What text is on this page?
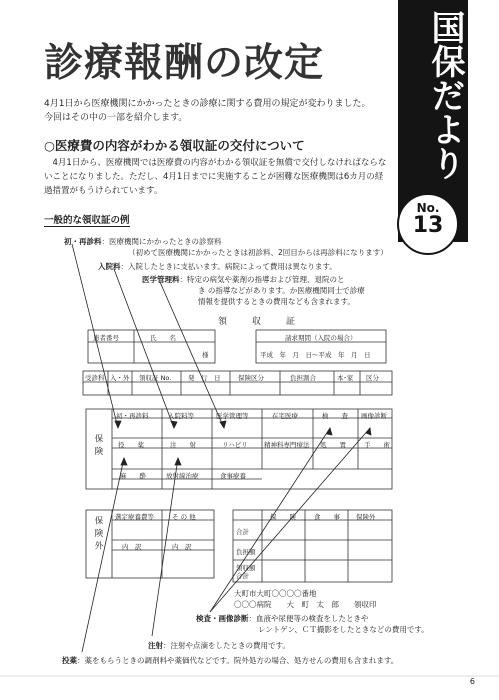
診療報酬の改定	国保だより
No.
13
4月1日から医療機関にかかったときの診療に関する費用の規定が変わりました。
今回はその中の一部を紹介します。
○医療費の内容がわかる領収証の交付について
　4月1日から、医療機関では医療費の内容がわかる領収証を無償で交付しなければならないことになりました。ただし、4月1日までに実施することが困難な医療機関は6カ月の経過措置がもうけられています。
一般的な領収証の例
初・再診料：医療機関にかかったときの診察料
（初めて医療機関にかかったときは初診料、2回目からは再診料になります）
入院料：入院したときに支払います。病院によって費用は異なります。
医学管理料：特定の病気や薬剤の指導および管理、退院のと
き の指導などがあります。か医療機関同士で診療
情報を提供するときの費用なども含まれます。
領　収　証
患者番号	氏　　名
様
請求期間（入院の場合）
平成　年　月　日〜平成　年　月　日
受診科 入・外 領収証 No.	発　行　日	保険区分	負担割合	本･家 区分
保険
初・再診料	入院料等	医学管理等	在宅医療	検　　査 画像診断
投　　薬	注　　射	リハビリ 精神科専門療法 処　　置	手　　術
麻　　酔	放射線治療	食事療養
保険外 選定療養費等	そ の 他
内　訳	内　訳
保　　険	食　　事 保険外
合計
負担額
領収額合計
大町市大町〇〇〇〇番地
〇〇〇病院　　大　町　太　郎　　領収印
検査・画像診断：血液や尿便等の検査をしたときや
レントゲン、ＣＴ撮影をしたときなどの費用です。
注射：注射や点滴をしたときの費用です。
投薬：薬をもらうときの調剤料や薬価代などです。院外処方の場合、処方せんの費用も含まれます。
6
